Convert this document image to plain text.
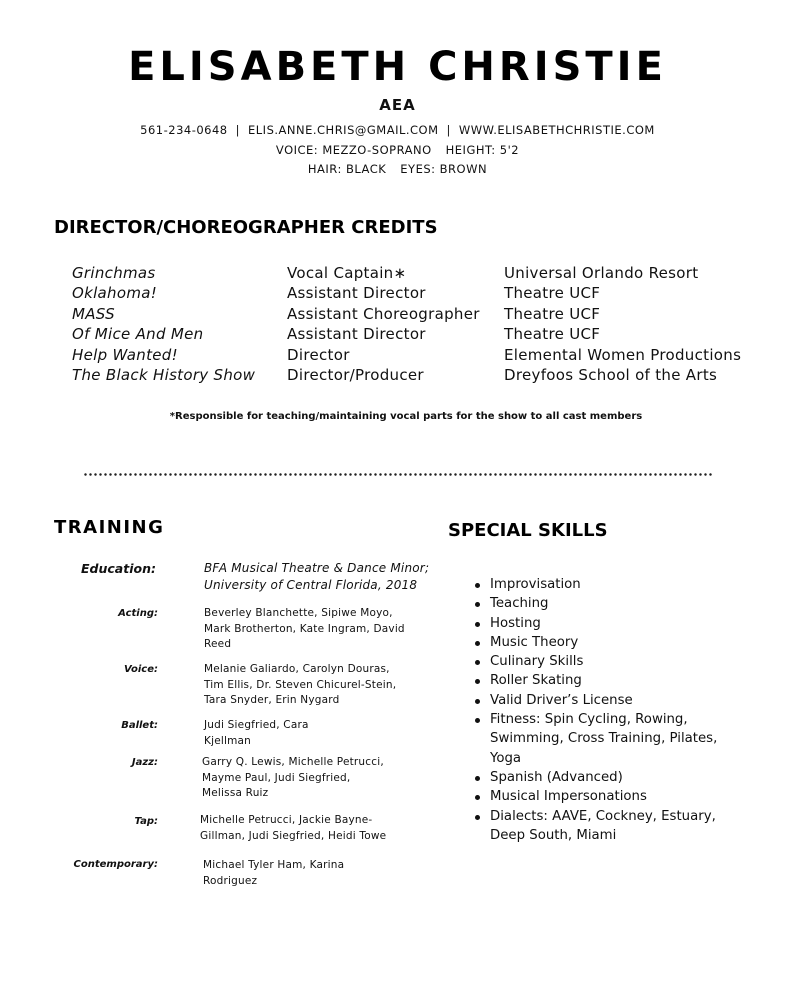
ELISABETH CHRISTIE
AEA
561-234-0648 | ELIS.ANNE.CHRIS@GMAIL.COM | WWW.ELISABETHCHRISTIE.COM
VOICE: MEZZO-SOPRANO HEIGHT: 5'2
HAIR: BLACK EYES: BROWN
DIRECTOR/CHOREOGRAPHER CREDITS
Grinchmas	Vocal Captain∗	Universal Orlando Resort
Oklahoma!	Assistant Director	Theatre UCF
MASS	Assistant Choreographer	Theatre UCF
Of Mice And Men	Assistant Director	Theatre UCF
Help Wanted!	Director	Elemental Women Productions
The Black History Show	Director/Producer	Dreyfoos School of the Arts
*Responsible for teaching/maintaining vocal parts for the show to all cast members
TRAINING
Education:	BFA Musical Theatre & Dance Minor;
University of Central Florida, 2018
Acting:	Beverley Blanchette, Sipiwe Moyo,
Mark Brotherton, Kate Ingram, David
Reed
Voice:	Melanie Galiardo, Carolyn Douras,
Tim Ellis, Dr. Steven Chicurel-Stein,
Tara Snyder, Erin Nygard
Ballet:	Judi Siegfried, Cara
Kjellman
Jazz:	Garry Q. Lewis, Michelle Petrucci,
Mayme Paul, Judi Siegfried,
Melissa Ruiz
Tap:	Michelle Petrucci, Jackie Bayne-
Gillman, Judi Siegfried, Heidi Towe
Contemporary:	Michael Tyler Ham, Karina
Rodriguez
SPECIAL SKILLS
Improvisation
Teaching
Hosting
Music Theory
Culinary Skills
Roller Skating
Valid Driver’s License
Fitness: Spin Cycling, Rowing, Swimming, Cross Training, Pilates, Yoga
Spanish (Advanced)
Musical Impersonations
Dialects: AAVE, Cockney, Estuary, Deep South, Miami
